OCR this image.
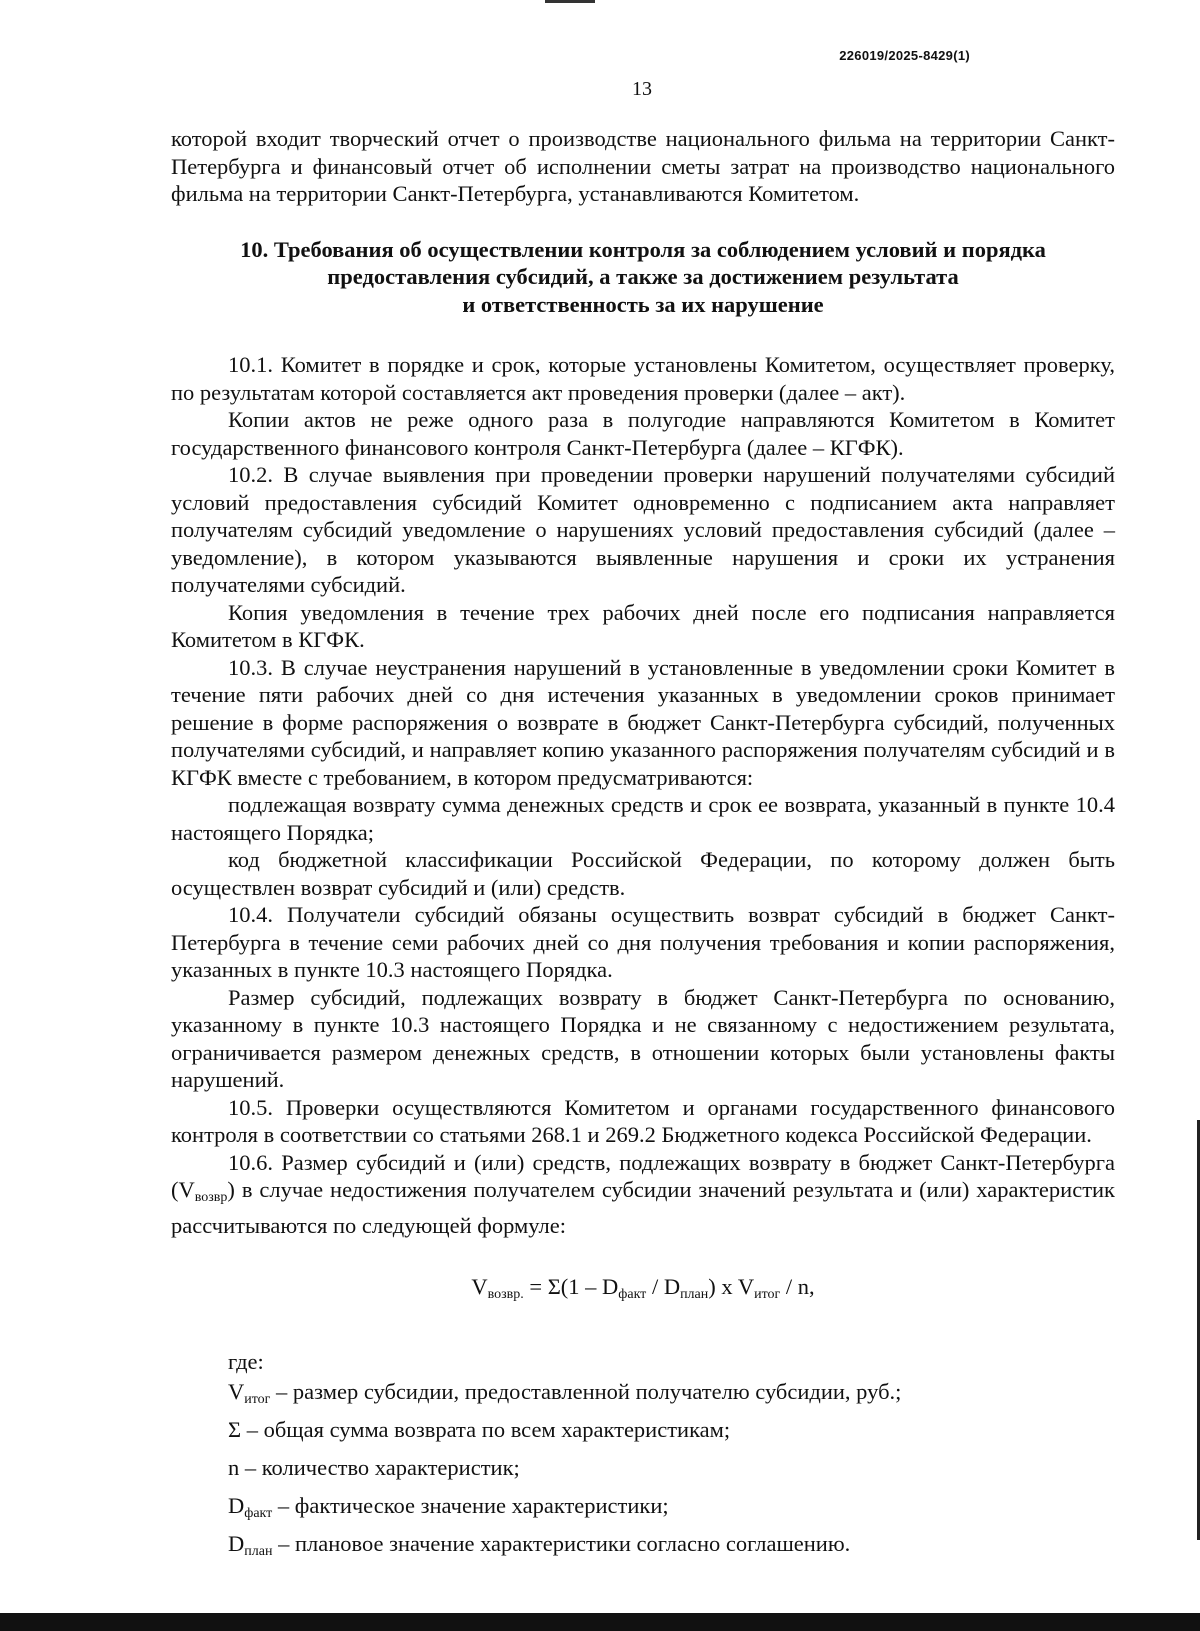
226019/2025-8429(1)
13

которой входит творческий отчет о производстве национального фильма на территории Санкт-Петербурга и финансовый отчет об исполнении сметы затрат на производство национального фильма на территории Санкт-Петербурга, устанавливаются Комитетом.

10. Требования об осуществлении контроля за соблюдением условий и порядка
предоставления субсидий, а также за достижением результата
и ответственность за их нарушение

10.1. Комитет в порядке и срок, которые установлены Комитетом, осуществляет проверку, по результатам которой составляется акт проведения проверки (далее – акт).

Копии актов не реже одного раза в полугодие направляются Комитетом в Комитет государственного финансового контроля Санкт-Петербурга (далее – КГФК).

10.2. В случае выявления при проведении проверки нарушений получателями субсидий условий предоставления субсидий Комитет одновременно с подписанием акта направляет получателям субсидий уведомление о нарушениях условий предоставления субсидий (далее – уведомление), в котором указываются выявленные нарушения и сроки их устранения получателями субсидий.

Копия уведомления в течение трех рабочих дней после его подписания направляется Комитетом в КГФК.

10.3. В случае неустранения нарушений в установленные в уведомлении сроки Комитет в течение пяти рабочих дней со дня истечения указанных в уведомлении сроков принимает решение в форме распоряжения о возврате в бюджет Санкт-Петербурга субсидий, полученных получателями субсидий, и направляет копию указанного распоряжения получателям субсидий и в КГФК вместе с требованием, в котором предусматриваются:

подлежащая возврату сумма денежных средств и срок ее возврата, указанный в пункте 10.4 настоящего Порядка;

код бюджетной классификации Российской Федерации, по которому должен быть осуществлен возврат субсидий и (или) средств.

10.4. Получатели субсидий обязаны осуществить возврат субсидий в бюджет Санкт-Петербурга в течение семи рабочих дней со дня получения требования и копии распоряжения, указанных в пункте 10.3 настоящего Порядка.

Размер субсидий, подлежащих возврату в бюджет Санкт-Петербурга по основанию, указанному в пункте 10.3 настоящего Порядка и не связанному с недостижением результата, ограничивается размером денежных средств, в отношении которых были установлены факты нарушений.

10.5. Проверки осуществляются Комитетом и органами государственного финансового контроля в соответствии со статьями 268.1 и 269.2 Бюджетного кодекса Российской Федерации.

10.6. Размер субсидий и (или) средств, подлежащих возврату в бюджет Санкт-Петербурга $(V_{возвр})$ в случае недостижения получателем субсидии значений результата и (или) характеристик рассчитываются по следующей формуле:

$V_{возвр.} = \Sigma(1 - D_{факт} / D_{план})$ x $V_{итог}$ / n,

где:

$V_{итог}$ – размер субсидии, предоставленной получателю субсидии, руб.;

Σ – общая сумма возврата по всем характеристикам;

n – количество характеристик;

$D_{факт}$ – фактическое значение характеристики;

$D_{план}$ – плановое значение характеристики согласно соглашению.
